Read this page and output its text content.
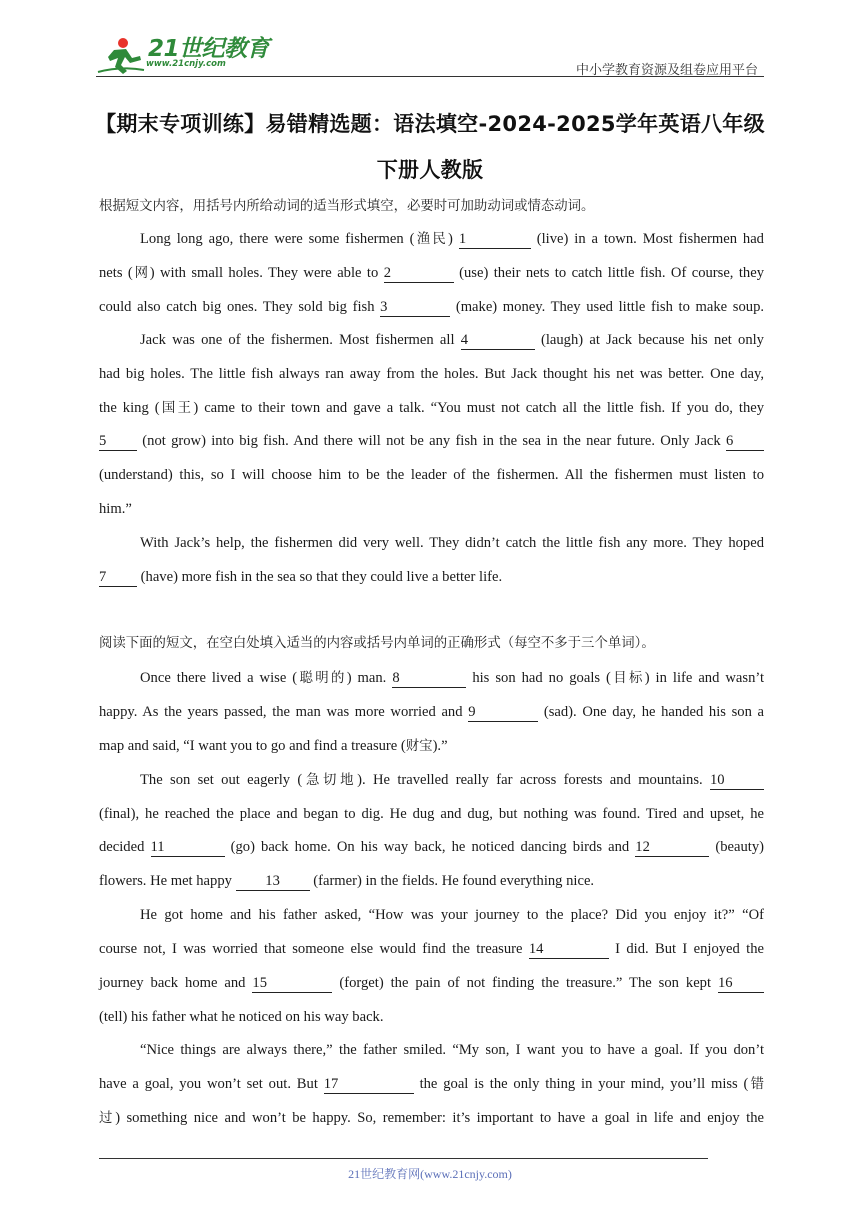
21世纪教育
www.21cnjy.com	中小学教育资源及组卷应用平台
【期末专项训练】易错精选题：语法填空-2024-2025学年英语八年级
下册人教版
根据短文内容，用括号内所给动词的适当形式填空，必要时可加助动词或情态动词。
Long long ago, there were some fishermen (渔民) 1	(live) in a town. Most fishermen had
nets (网) with small holes. They were able to 2	(use) their nets to catch little fish. Of course, they
could also catch big ones. They sold big fish 3	(make) money. They used little fish to make soup.
Jack was one of the fishermen. Most fishermen all 4	(laugh) at Jack because his net only
had big holes. The little fish always ran away from the holes. But Jack thought his net was better. One day,
the king (国王) came to their town and gave a talk. “You must not catch all the little fish. If you do, they
5 (not grow) into big fish. And there will not be any fish in the sea in the near future. Only Jack 6
(understand) this, so I will choose him to be the leader of the fishermen. All the fishermen must listen to
him.”
With Jack’s help, the fishermen did very well. They didn’t catch the little fish any more. They hoped
7 (have) more fish in the sea so that they could live a better life.
阅读下面的短文，在空白处填入适当的内容或括号内单词的正确形式（每空不多于三个单词）。
Once there lived a wise (聪明的) man. 8	his son had no goals (目标) in life and wasn’t
happy. As the years passed, the man was more worried and 9	(sad). One day, he handed his son a
map and said, “I want you to go and find a treasure (财宝).”
The son set out eagerly (急切地). He travelled really far across forests and mountains. 10
(final), he reached the place and began to dig. He dug and dug, but nothing was found. Tired and upset, he
decided 11	(go) back home. On his way back, he noticed dancing birds and 12	(beauty)
flowers. He met happy 13 (farmer) in the fields. He found everything nice.
He got home and his father asked, “How was your journey to the place? Did you enjoy it?” “Of
course not, I was worried that someone else would find the treasure 14	I did. But I enjoyed the
journey back home and 15	(forget) the pain of not finding the treasure.” The son kept 16
(tell) his father what he noticed on his way back.
“Nice things are always there,” the father smiled. “My son, I want you to have a goal. If you don’t
have a goal, you won’t set out. But 17	the goal is the only thing in your mind, you’ll miss (错
过) something nice and won’t be happy. So, remember: it’s important to have a goal in life and enjoy the
21世纪教育网(www.21cnjy.com)
